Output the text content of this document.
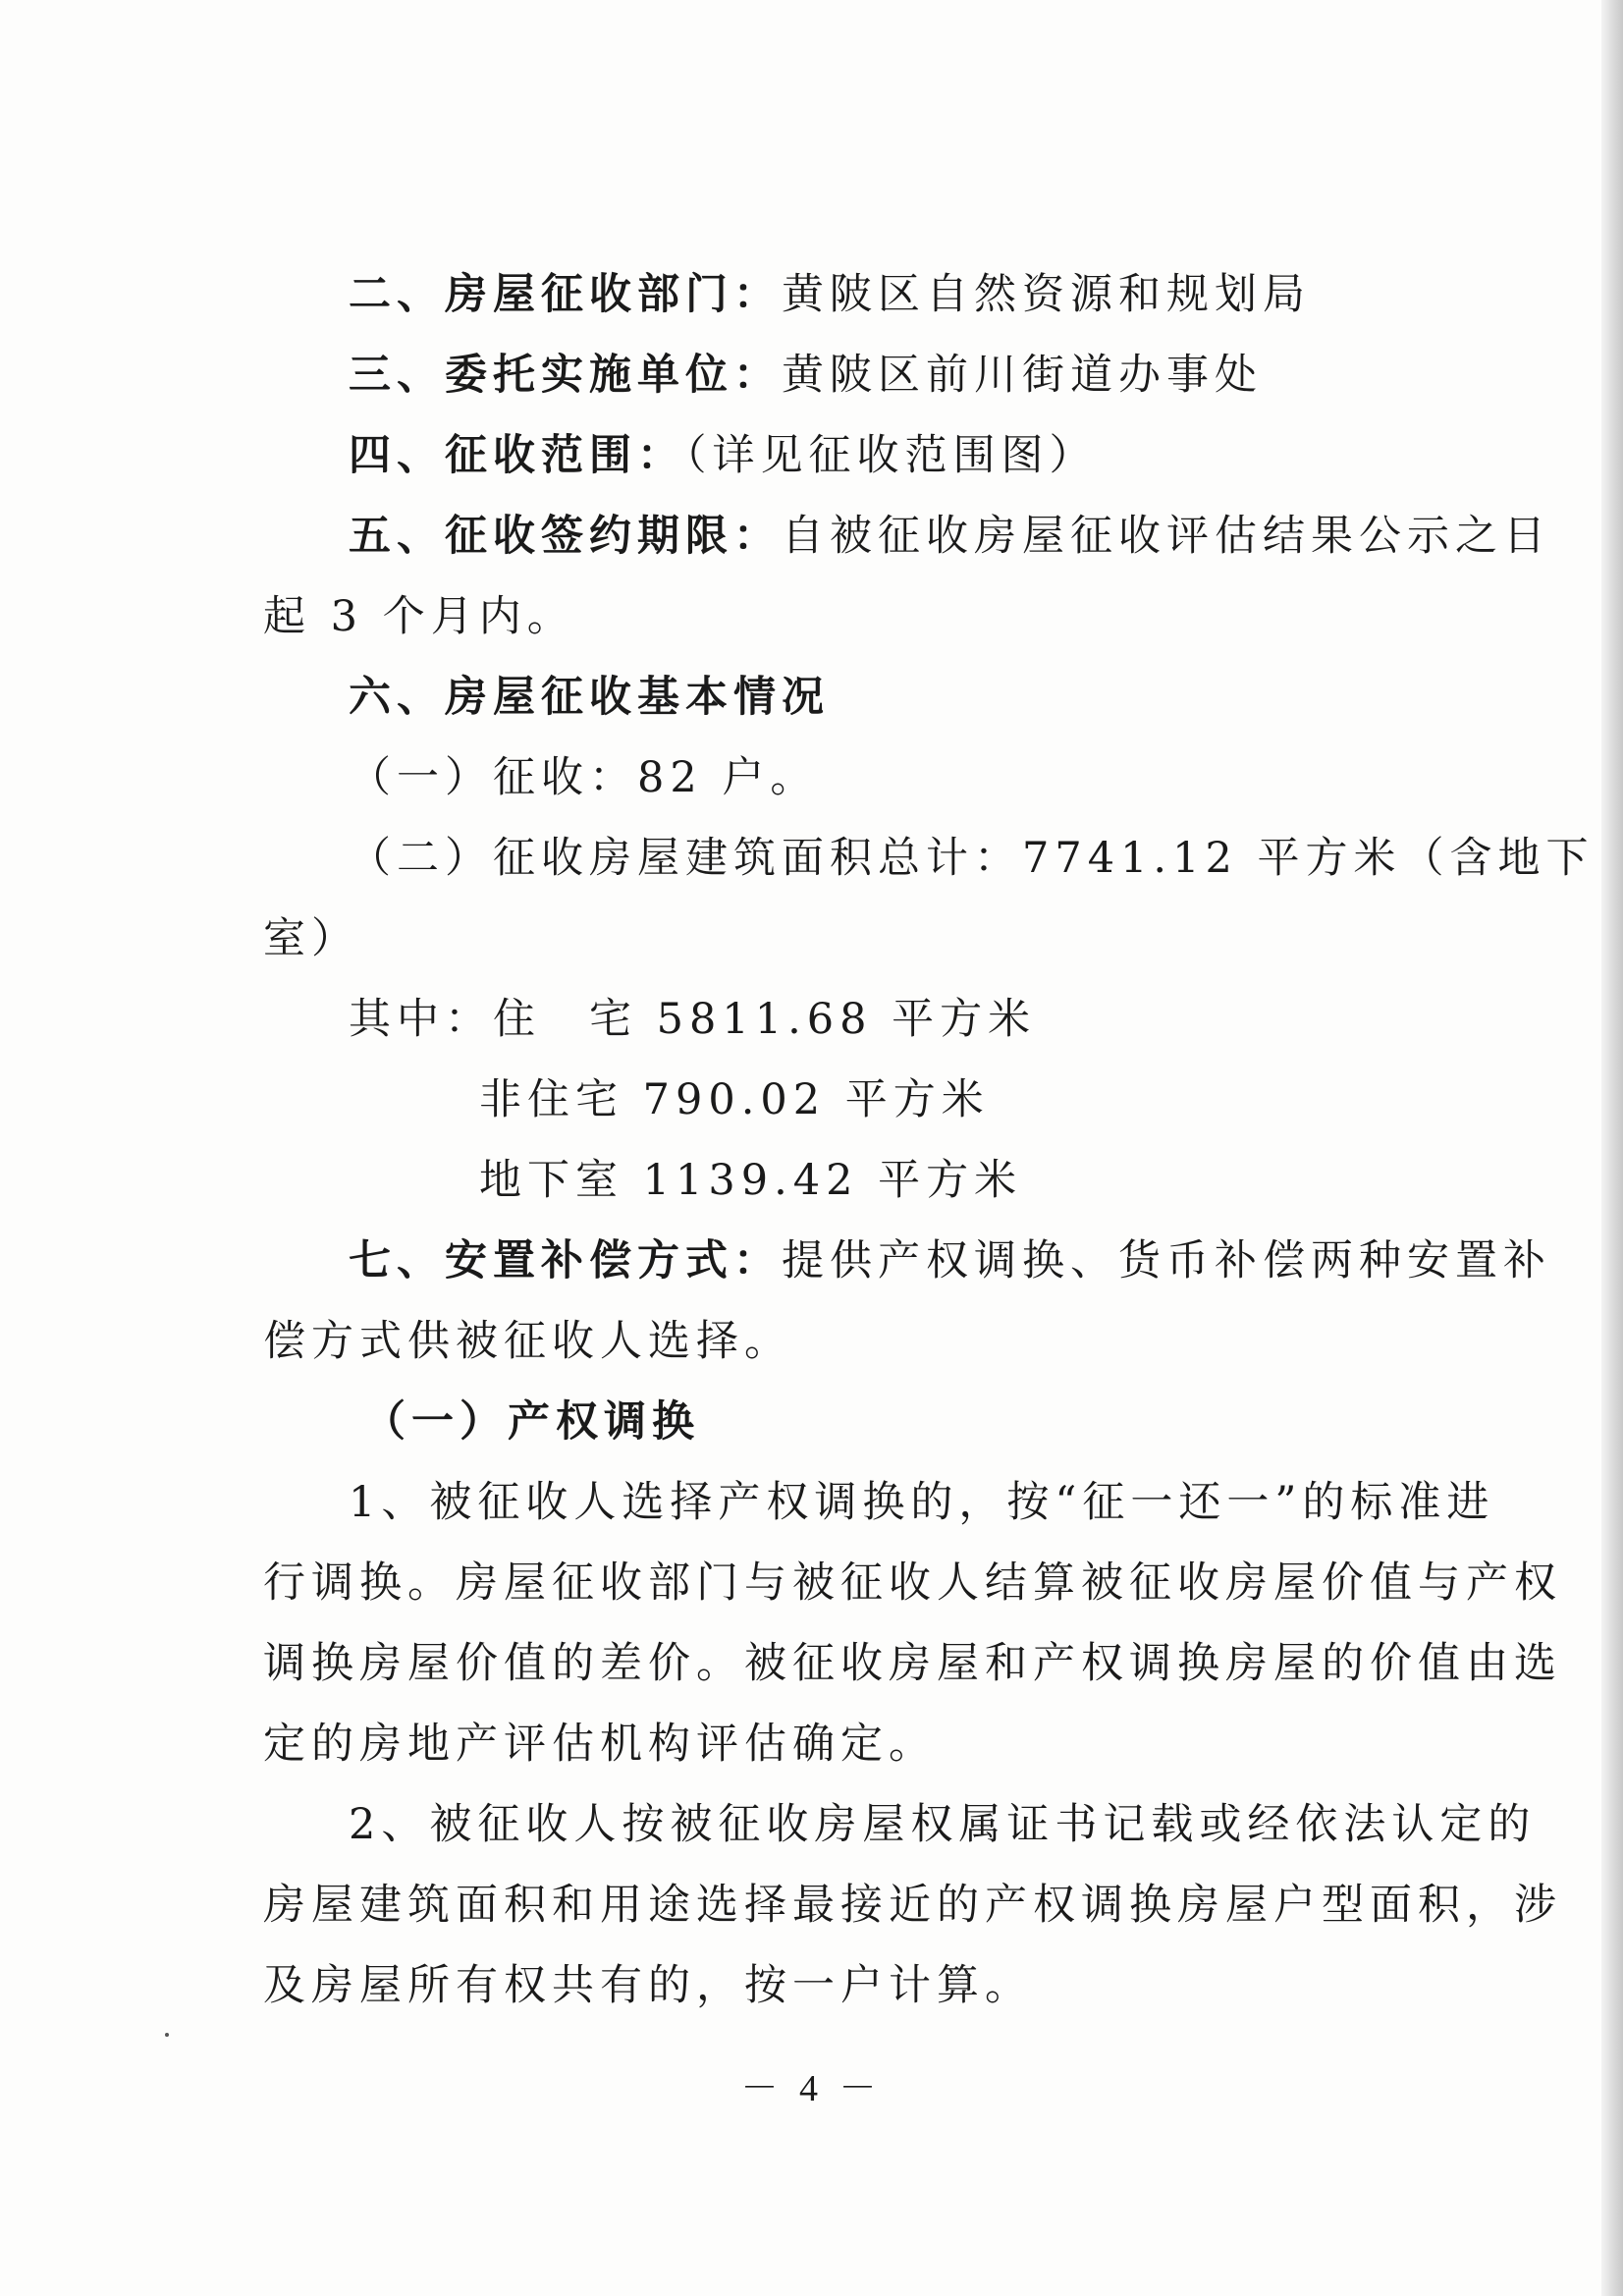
二、房屋征收部门：黄陂区自然资源和规划局
三、委托实施单位：黄陂区前川街道办事处
四、征收范围：（详见征收范围图）
五、征收签约期限：自被征收房屋征收评估结果公示之日
起 3 个月内。
六、房屋征收基本情况
（一）征收：82 户。
（二）征收房屋建筑面积总计：7741.12 平方米（含地下
室）
其中：住　宅 5811.68 平方米
非住宅 790.02 平方米
地下室 1139.42 平方米
七、安置补偿方式：提供产权调换、货币补偿两种安置补
偿方式供被征收人选择。
（一）产权调换
1、被征收人选择产权调换的，按“征一还一”的标准进
行调换。房屋征收部门与被征收人结算被征收房屋价值与产权
调换房屋价值的差价。被征收房屋和产权调换房屋的价值由选
定的房地产评估机构评估确定。
2、被征收人按被征收房屋权属证书记载或经依法认定的
房屋建筑面积和用途选择最接近的产权调换房屋户型面积，涉
及房屋所有权共有的，按一户计算。
－ 4 －
